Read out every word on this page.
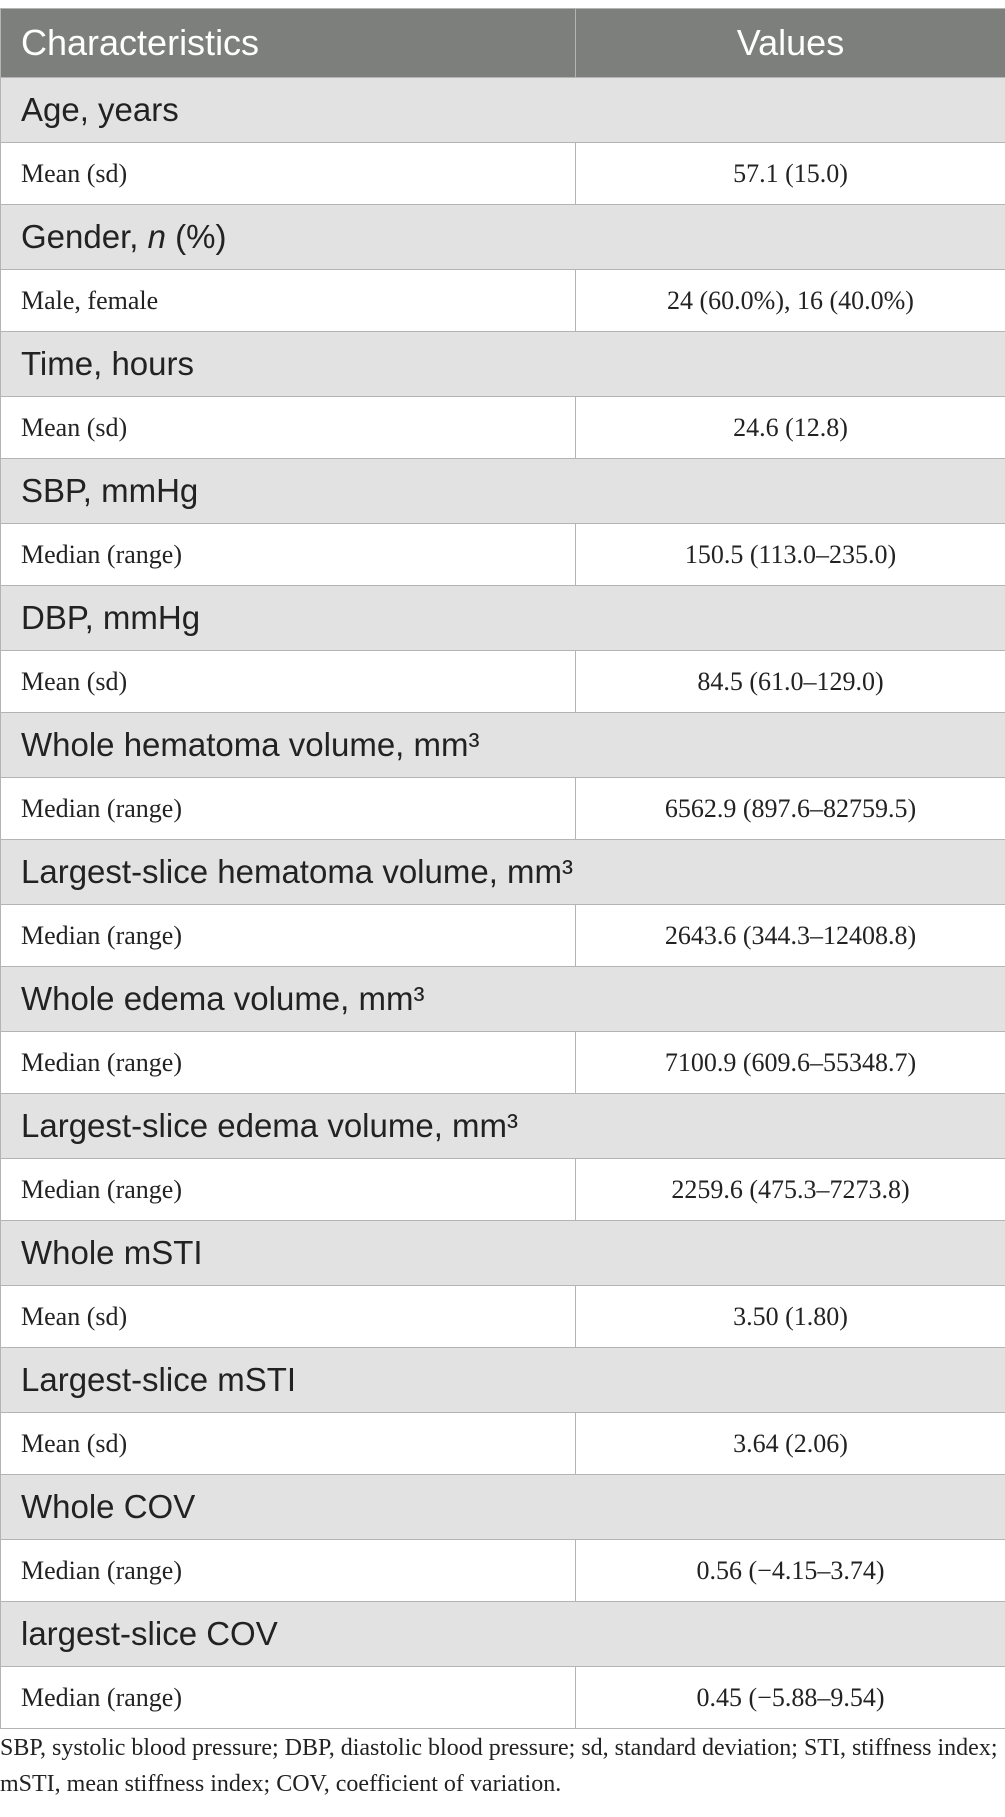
Characteristics	Values
Age, years	
Mean (sd)	57.1 (15.0)
Gender, n (%)	
Male, female	24 (60.0%), 16 (40.0%)
Time, hours	
Mean (sd)	24.6 (12.8)
SBP, mmHg	
Median (range)	150.5 (113.0–235.0)
DBP, mmHg	
Mean (sd)	84.5 (61.0–129.0)
Whole hematoma volume, mm³	
Median (range)	6562.9 (897.6–82759.5)
Largest-slice hematoma volume, mm³	
Median (range)	2643.6 (344.3–12408.8)
Whole edema volume, mm³	
Median (range)	7100.9 (609.6–55348.7)
Largest-slice edema volume, mm³	
Median (range)	2259.6 (475.3–7273.8)
Whole mSTI	
Mean (sd)	3.50 (1.80)
Largest-slice mSTI	
Mean (sd)	3.64 (2.06)
Whole COV	
Median (range)	0.56 (−4.15–3.74)
largest-slice COV	
Median (range)	0.45 (−5.88–9.54)
SBP, systolic blood pressure; DBP, diastolic blood pressure; sd, standard deviation; STI, stiffness index; mSTI, mean stiffness index; COV, coefficient of variation.
